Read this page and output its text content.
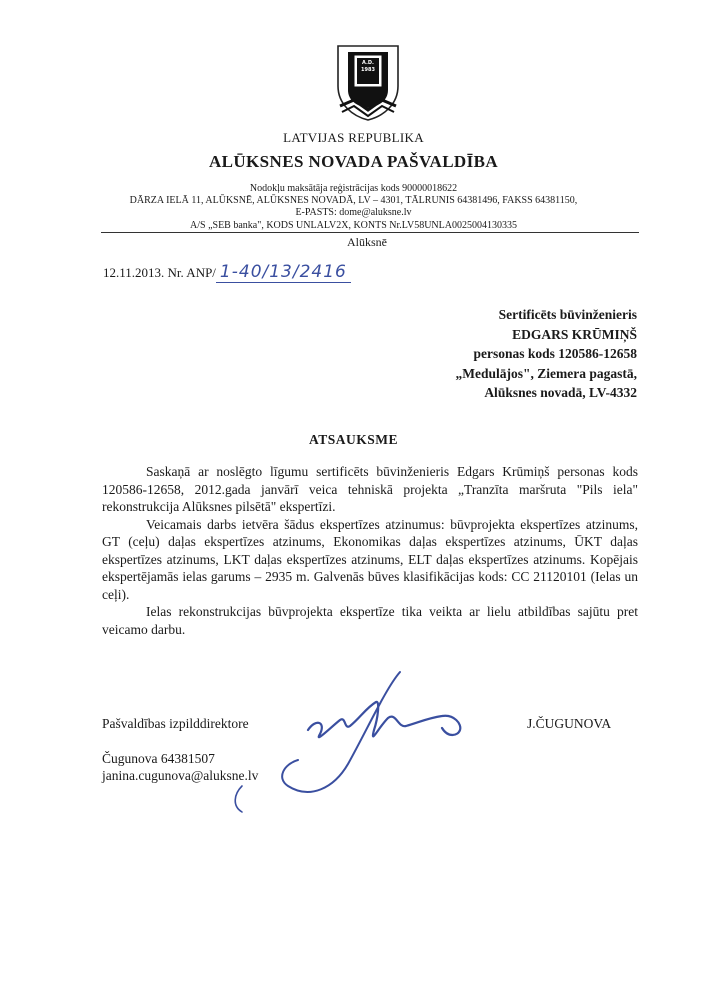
A.D. 1983
LATVIJAS REPUBLIKA
ALŪKSNES NOVADA PAŠVALDĪBA
Nodokļu maksātāja reģistrācijas kods 90000018622
DĀRZA IELĀ 11, ALŪKSNĒ, ALŪKSNES NOVADĀ, LV – 4301, TĀLRUNIS 64381496, FAKSS 64381150,
E-PASTS: dome@aluksne.lv
A/S „SEB banka", KODS UNLALV2X, KONTS Nr.LV58UNLA0025004130335
Alūksnē
12.11.2013. Nr. ANP/ 1-40/13/2416
Sertificēts būvinženieris
EDGARS KRŪMIŅŠ
personas kods 120586-12658
„Medulājos", Ziemera pagastā,
Alūksnes novadā, LV-4332
ATSAUKSME

Saskaņā ar noslēgto līgumu sertificēts būvinženieris Edgars Krūmiņš personas kods 120586-12658, 2012.gada janvārī veica tehniskā projekta „Tranzīta maršruta "Pils iela" rekonstrukcija Alūksnes pilsētā" ekspertīzi.

Veicamais darbs ietvēra šādus ekspertīzes atzinumus: būvprojekta ekspertīzes atzinums, GT (ceļu) daļas ekspertīzes atzinums, Ekonomikas daļas ekspertīzes atzinums, ŪKT daļas ekspertīzes atzinums, LKT daļas ekspertīzes atzinums, ELT daļas ekspertīzes atzinums. Kopējais ekspertējamās ielas garums – 2935 m. Galvenās būves klasifikācijas kods: CC 21120101 (Ielas un ceļi).

Ielas rekonstrukcijas būvprojekta ekspertīze tika veikta ar lielu atbildības sajūtu pret veicamo darbu.

Pašvaldības izpilddirektore	J.ČUGUNOVA
Čugunova 64381507
janina.cugunova@aluksne.lv
